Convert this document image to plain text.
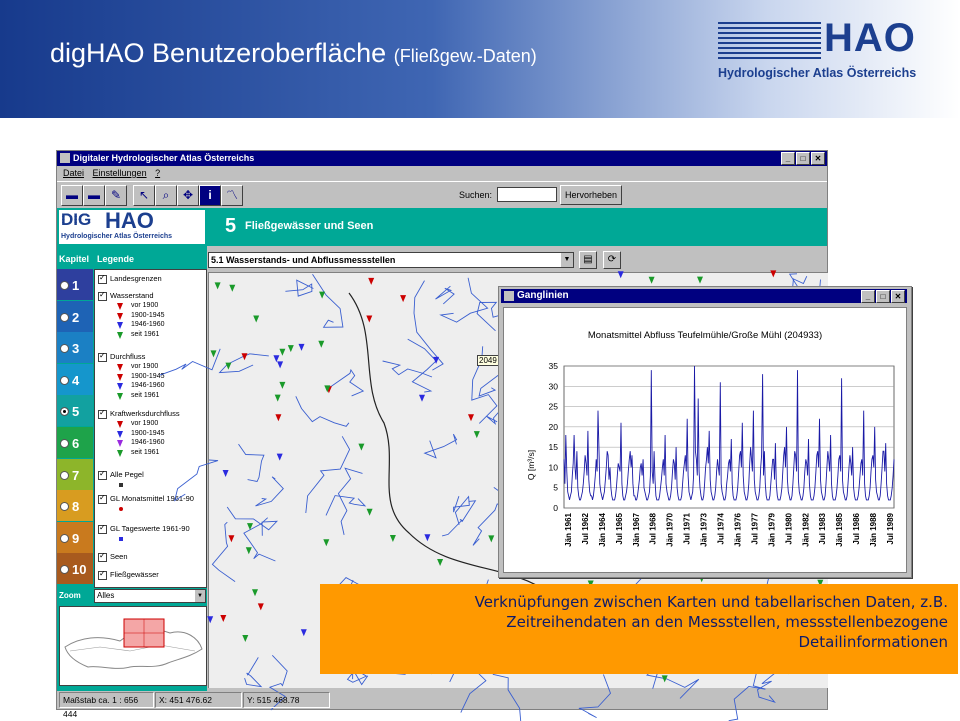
digHAO Benutzeroberfläche (Fließgew.-Daten)	HAO
Hydrologischer Atlas Österreichs
Digitaler Hydrologischer Atlas Österreichs	_ □ ✕
Datei Einstellungen ?
▬ ▬ ✎	↖	⌕	✥	i	〽	Suchen:	Hervorheben
DIG HAO
Hydrologischer Atlas Österreichs	5 Fließgewässer und Seen
Kapitel Legende
1
2
3
4
5
6
7
8
9
10
✓Landesgrenzen
✓Wasserstand
vor 1900
1900-1945
1946-1960
seit 1961
✓Durchfluss
vor 1900
1900-1945
1946-1960
seit 1961
✓Kraftwerksdurchfluss
vor 1900
1900-1945
1946-1960
seit 1961
✓Alle Pegel
✓GL Monatsmittel 1961-90
✓GL Tageswerte 1961-90
✓Seen
✓Fließgewässer
Zoom	Alles	▼
5.1 Wasserstands- und Abflussmessstellen	▼	▤	⟳
2049
Maßstab ca. 1 : 656 444
X: 451 476.62	Y: 515 468.78
Ganglinien	_ □ ✕
Monatsmittel Abfluss Teufelmühle/Große Mühl (204933)
Q [m³/s]
0
5
10
15
20
25
30
35
Jän 1961 Jul 1962 Jän 1964 Jul 1965 Jän 1967 Jul 1968 Jän 1970 Jul 1971 Jän 1973 Jul 1974 Jän 1976 Jul 1977 Jän 1979 Jul 1980 Jän 1982 Jul 1983 Jän 1985 Jul 1986 Jän 1988 Jul 1989
Verknüpfungen zwischen Karten und tabellarischen Daten, z.B.
Zeitreihendaten an den Messstellen, messstellenbezogene
Detailinformationen
